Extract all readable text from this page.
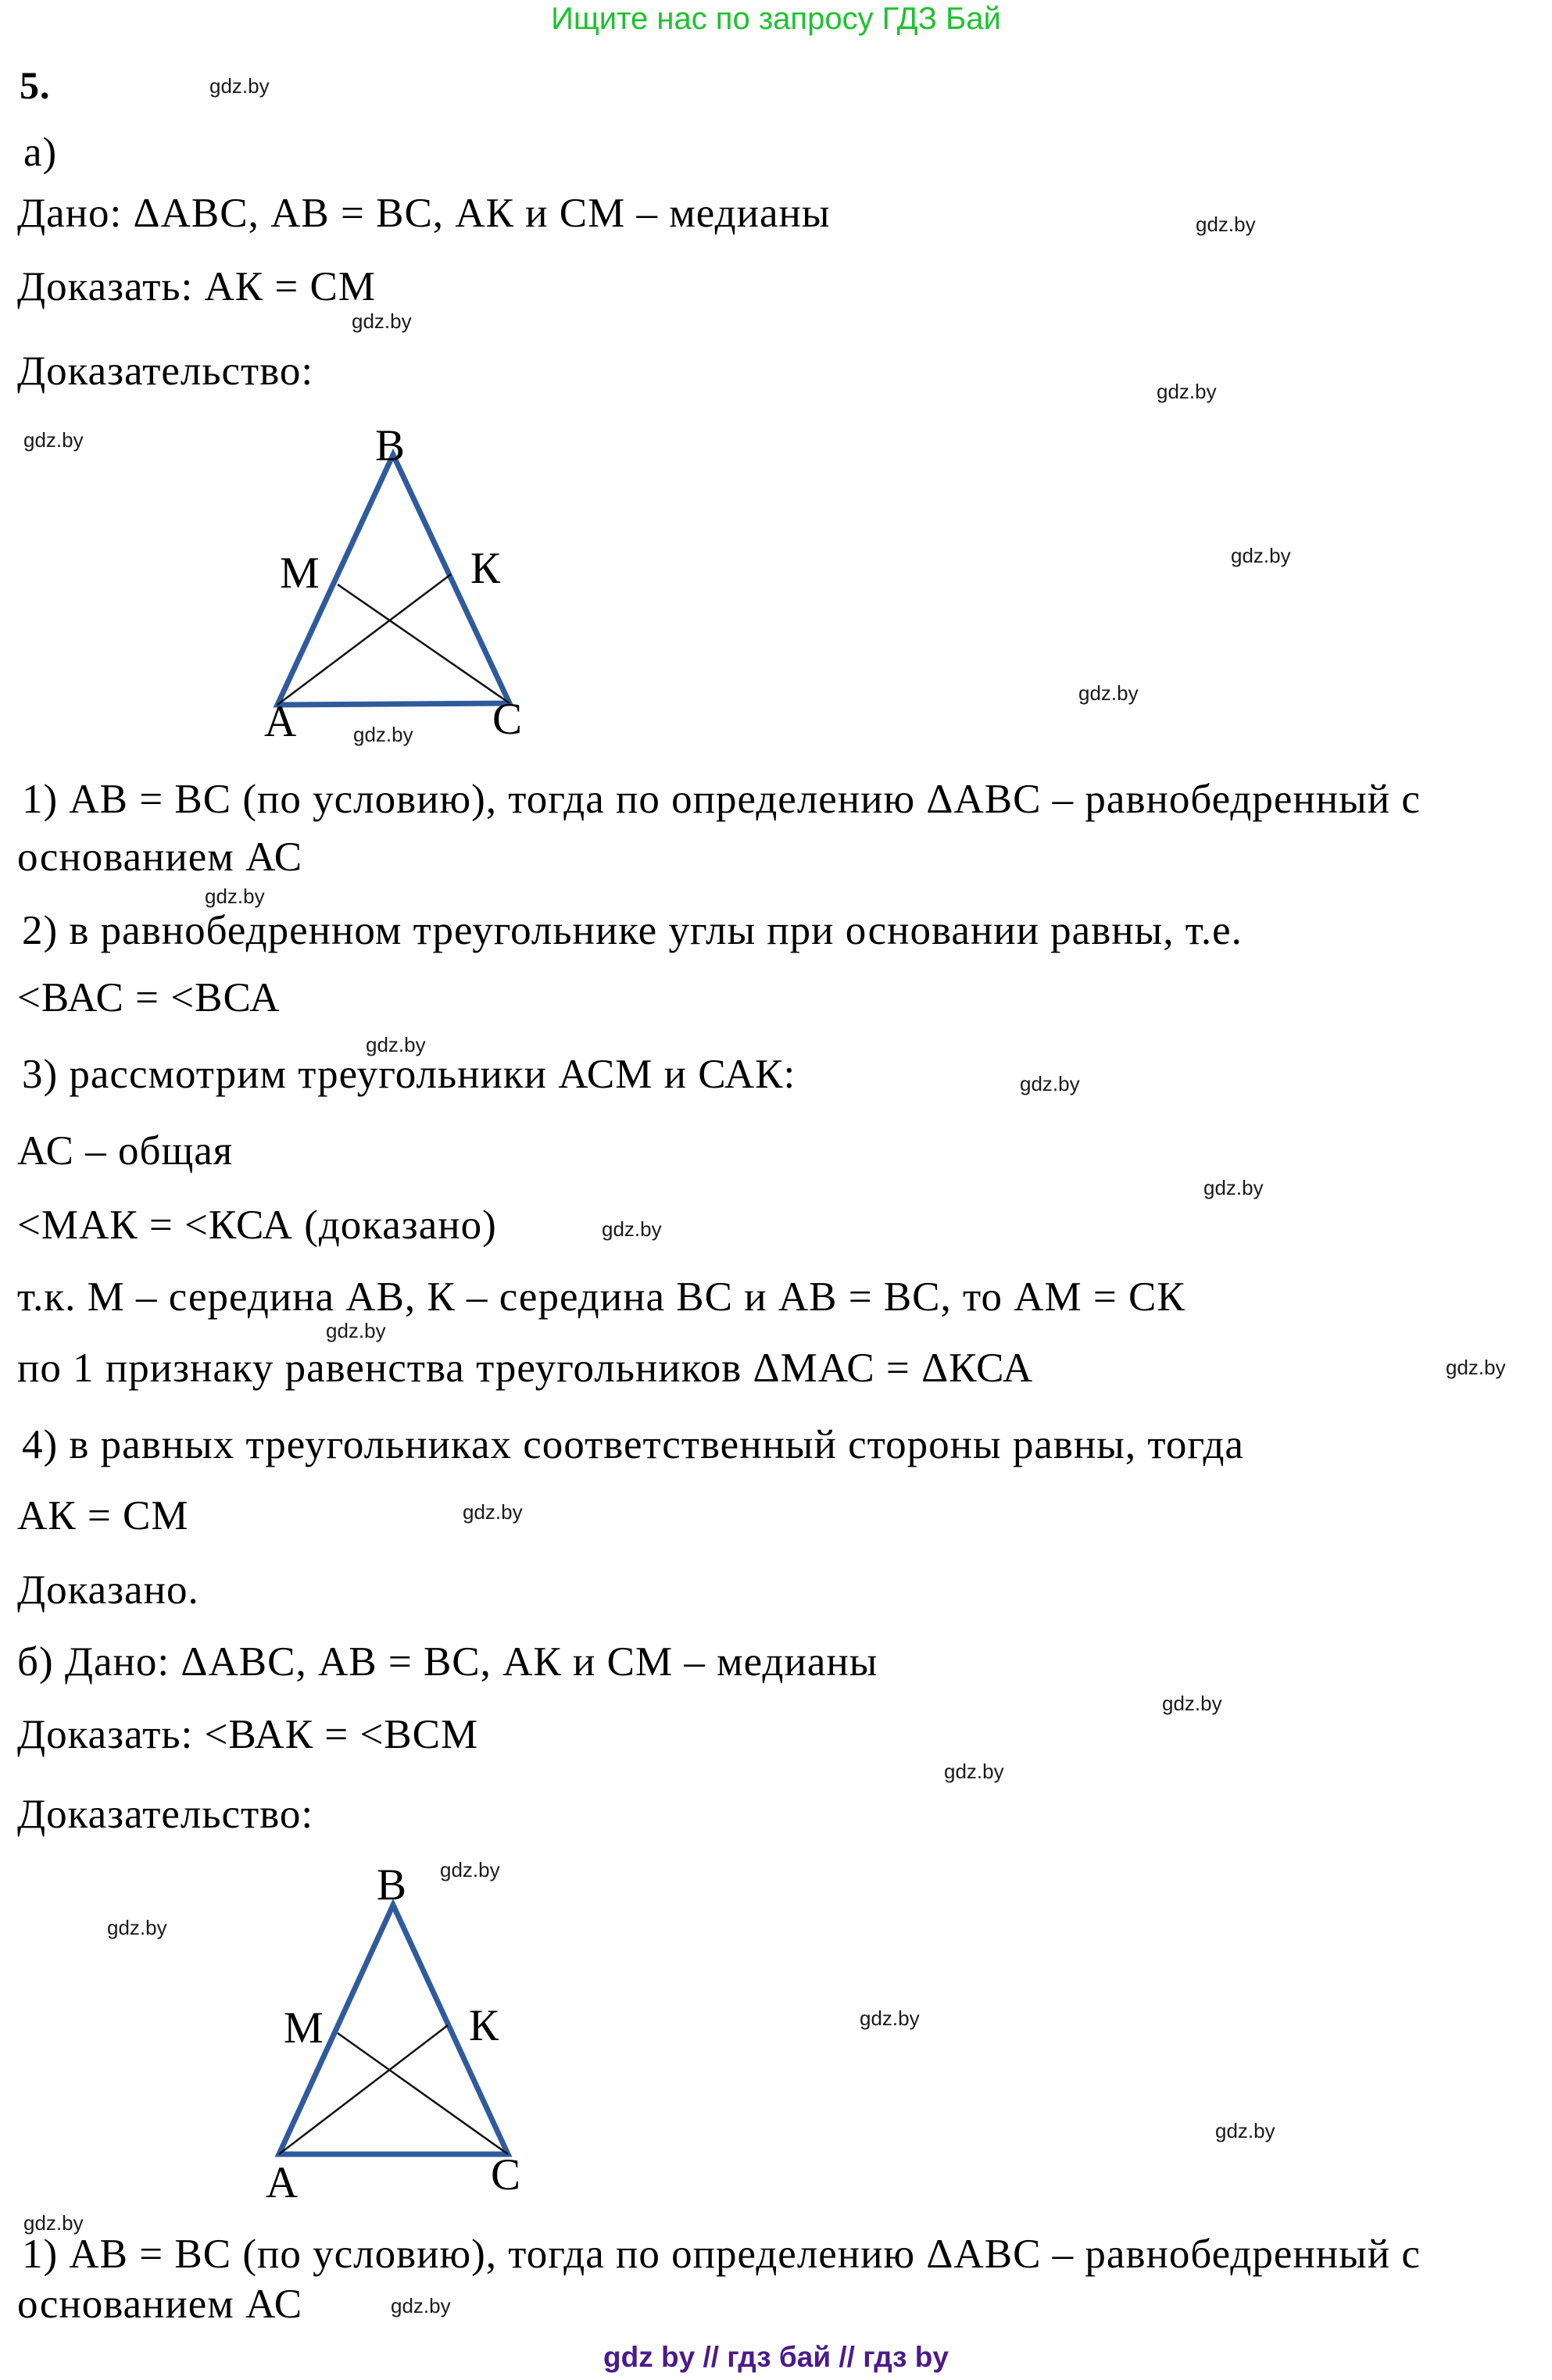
Ищите нас по запросу ГДЗ Бай
gdz by // гдз бай // гдз by
5.
а)
Дано: ΔАВС, АВ = ВС, АК и СМ – медианы
Доказать: АК = СМ
Доказательство:
В
М	К
А	С
1) АВ = ВС (по условию), тогда по определению ΔАВС – равнобедренный с
основанием АС
2) в равнобедренном треугольнике углы при основании равны, т.е.
<ВАС = <ВСА
3) рассмотрим треугольники АСМ и САК:
АС – общая
<МАК = <КСА (доказано)
т.к. М – середина АВ, К – середина ВС и АВ = ВС, то АМ = СК
по 1 признаку равенства треугольников ΔМАС = ΔКСА
4) в равных треугольниках соответственный стороны равны, тогда
АК = СМ
Доказано.
б) Дано: ΔАВС, АВ = ВС, АК и СМ – медианы
Доказать: <ВАК = <ВСМ
Доказательство:
В
М	К
А	С
1) АВ = ВС (по условию), тогда по определению ΔАВС – равнобедренный с
основанием АС
gdz.by
gdz.by
gdz.by
gdz.by
gdz.by
gdz.by
gdz.by
gdz.by
gdz.by
gdz.by
gdz.by
gdz.by
gdz.by
gdz.by
gdz.by
gdz.by
gdz.by
gdz.by
gdz.by
gdz.by
gdz.by
gdz.by
gdz.by
gdz.by
